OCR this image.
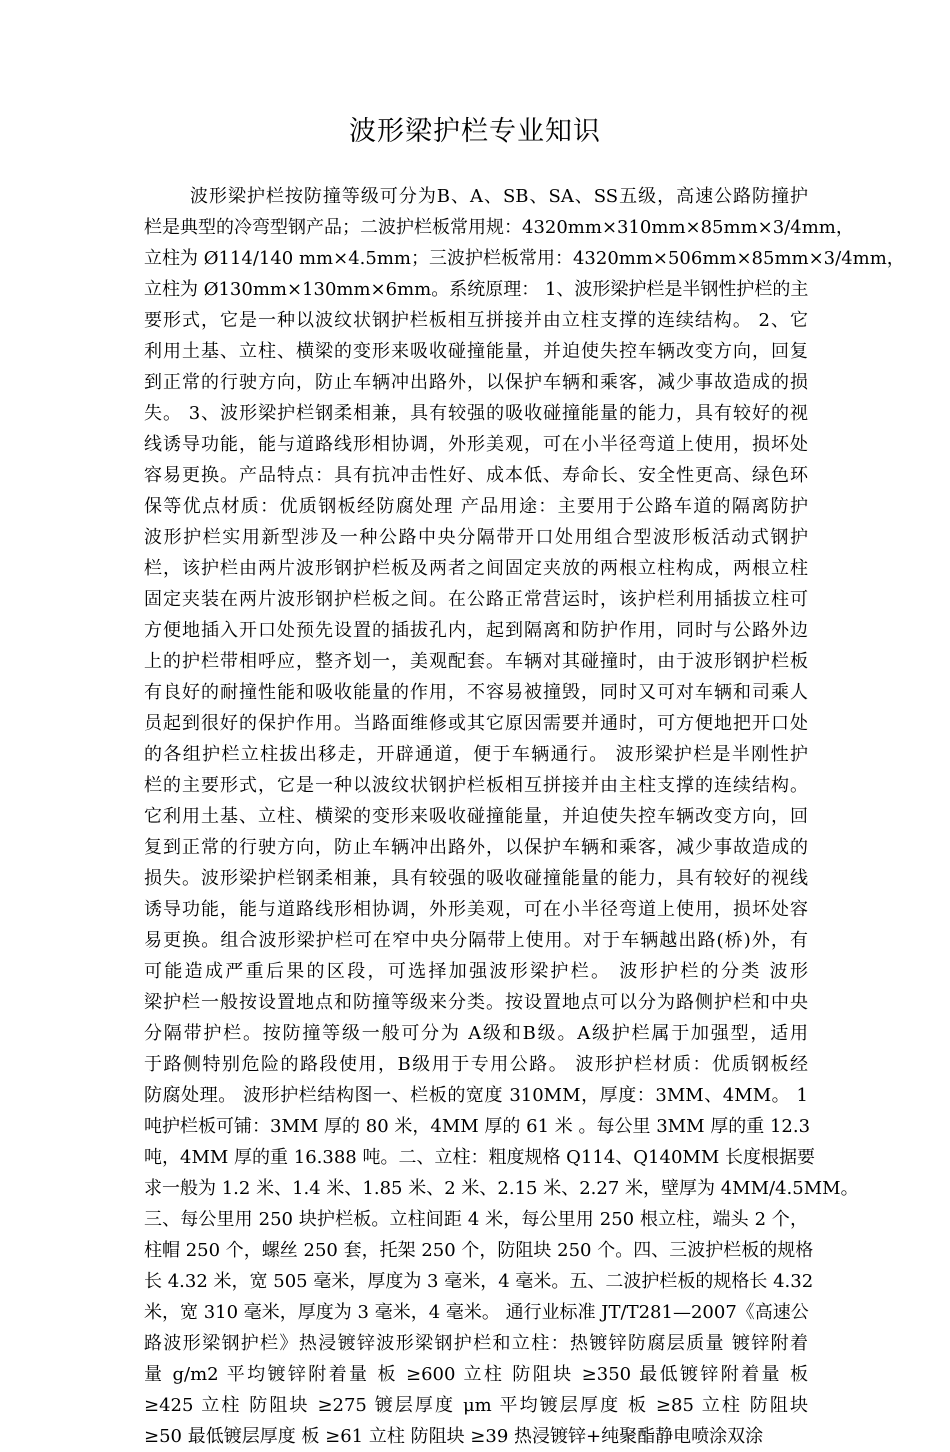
波形梁护栏专业知识
波形梁护栏按防撞等级可分为B、A、SB、SA、SS五级，高速公路防撞护
栏是典型的冷弯型钢产品；二波护栏板常用规：4320mm×310mm×85mm×3/4mm，
立柱为 Ø114/140 mm×4.5mm；三波护栏板常用：4320mm×506mm×85mm×3/4mm，
立柱为 Ø130mm×130mm×6mm。系统原理： 1、波形梁护栏是半钢性护栏的主
要形式，它是一种以波纹状钢护栏板相互拼接并由立柱支撑的连续结构。 2、它
利用土基、立柱、横梁的变形来吸收碰撞能量，并迫使失控车辆改变方向，回复
到正常的行驶方向，防止车辆冲出路外，以保护车辆和乘客，减少事故造成的损
失。 3、波形梁护栏钢柔相兼，具有较强的吸收碰撞能量的能力，具有较好的视
线诱导功能，能与道路线形相协调，外形美观，可在小半径弯道上使用，损坏处
容易更换。产品特点：具有抗冲击性好、成本低、寿命长、安全性更高、绿色环
保等优点材质：优质钢板经防腐处理 产品用途：主要用于公路车道的隔离防护
波形护栏实用新型涉及一种公路中央分隔带开口处用组合型波形板活动式钢护
栏，该护栏由两片波形钢护栏板及两者之间固定夹放的两根立柱构成，两根立柱
固定夹装在两片波形钢护栏板之间。在公路正常营运时，该护栏利用插拔立柱可
方便地插入开口处预先设置的插拔孔内，起到隔离和防护作用，同时与公路外边
上的护栏带相呼应，整齐划一，美观配套。车辆对其碰撞时，由于波形钢护栏板
有良好的耐撞性能和吸收能量的作用，不容易被撞毁，同时又可对车辆和司乘人
员起到很好的保护作用。当路面维修或其它原因需要并通时，可方便地把开口处
的各组护栏立柱拔出移走，开辟通道，便于车辆通行。 波形梁护栏是半刚性护
栏的主要形式，它是一种以波纹状钢护栏板相互拼接并由主柱支撑的连续结构。
它利用土基、立柱、横梁的变形来吸收碰撞能量，并迫使失控车辆改变方向，回
复到正常的行驶方向，防止车辆冲出路外，以保护车辆和乘客，减少事故造成的
损失。波形梁护栏钢柔相兼，具有较强的吸收碰撞能量的能力，具有较好的视线
诱导功能，能与道路线形相协调，外形美观，可在小半径弯道上使用，损坏处容
易更换。组合波形梁护栏可在窄中央分隔带上使用。对于车辆越出路(桥)外，有
可能造成严重后果的区段，可选择加强波形梁护栏。 波形护栏的分类 波形
梁护栏一般按设置地点和防撞等级来分类。按设置地点可以分为路侧护栏和中央
分隔带护栏。按防撞等级一般可分为 A级和B级。A级护栏属于加强型，适用
于路侧特别危险的路段使用，B级用于专用公路。 波形护栏材质：优质钢板经
防腐处理。 波形护栏结构图一、栏板的宽度 310MM，厚度：3MM、4MM。 1
吨护栏板可铺：3MM 厚的 80 米，4MM 厚的 61 米 。每公里 3MM 厚的重 12.3
吨，4MM 厚的重 16.388 吨。二、立柱：粗度规格 Q114、Q140MM 长度根据要
求一般为 1.2 米、1.4 米、1.85 米、2 米、2.15 米、2.27 米，壁厚为 4MM/4.5MM。
三、每公里用 250 块护栏板。立柱间距 4 米，每公里用 250 根立柱，端头 2 个，
柱帽 250 个，螺丝 250 套，托架 250 个，防阻块 250 个。四、三波护栏板的规格
长 4.32 米，宽 505 毫米，厚度为 3 毫米，4 毫米。五、二波护栏板的规格长 4.32
米，宽 310 毫米，厚度为 3 毫米，4 毫米。 通行业标准 JT/T281—2007《高速公
路波形梁钢护栏》热浸镀锌波形梁钢护栏和立柱：热镀锌防腐层质量 镀锌附着
量 g/m2 平均镀锌附着量 板 ≥600 立柱 防阻块 ≥350 最低镀锌附着量 板
≥425 立柱 防阻块 ≥275 镀层厚度 μm 平均镀层厚度 板 ≥85 立柱 防阻块
≥50 最低镀层厚度 板 ≥61 立柱 防阻块 ≥39 热浸镀锌+纯聚酯静电喷涂双涂
